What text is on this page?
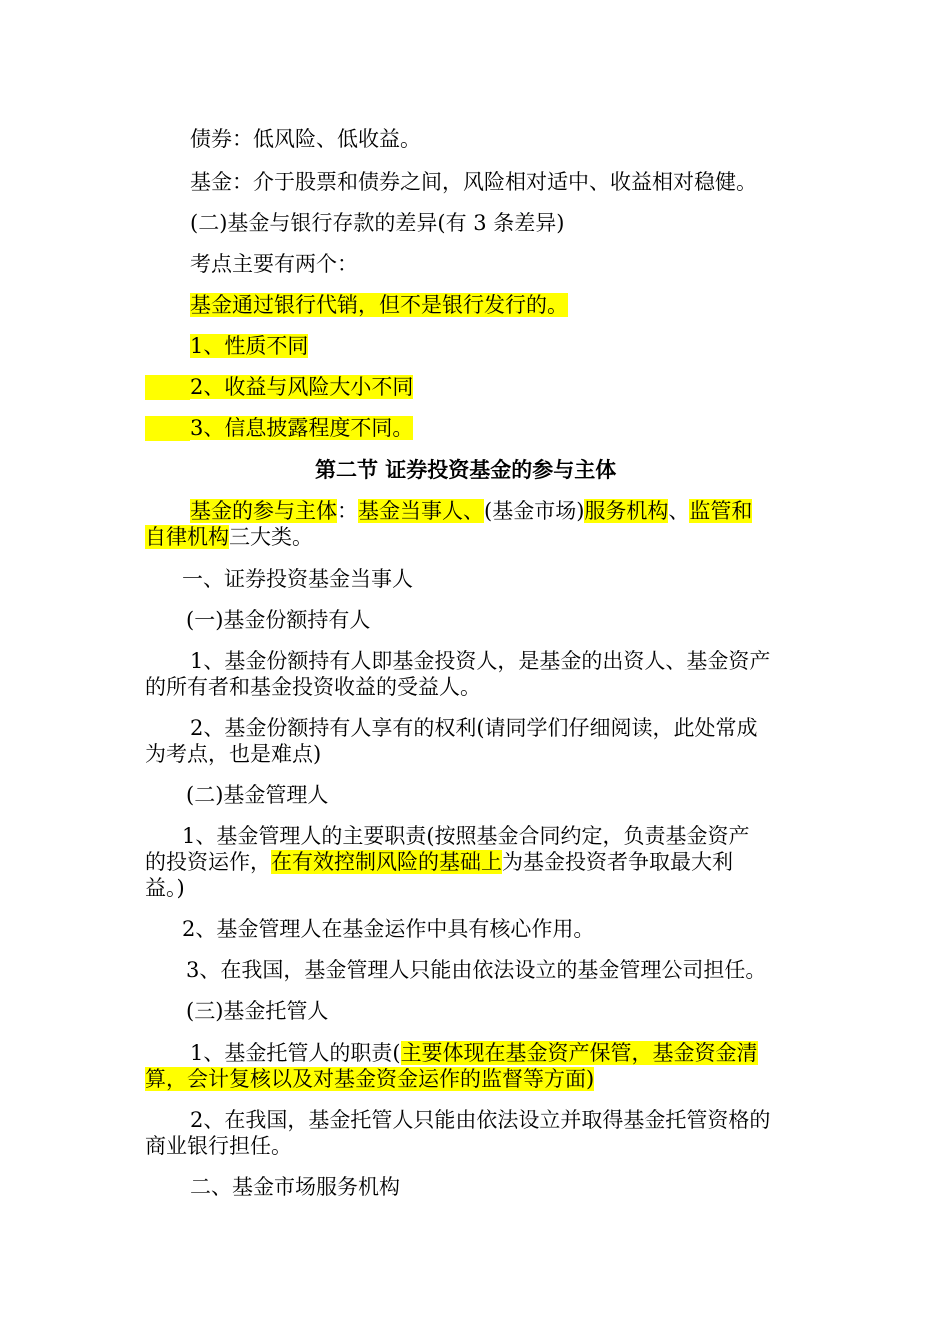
债券：低风险、低收益。
基金：介于股票和债券之间，风险相对适中、收益相对稳健。
(二)基金与银行存款的差异(有 3 条差异)
考点主要有两个：
基金通过银行代销，但不是银行发行的。
1、性质不同
2、收益与风险大小不同
3、信息披露程度不同。
第二节 证券投资基金的参与主体
基金的参与主体：基金当事人、(基金市场)服务机构、监管和
自律机构三大类。
一、证券投资基金当事人
(一)基金份额持有人
1、基金份额持有人即基金投资人，是基金的出资人、基金资产
的所有者和基金投资收益的受益人。
2、基金份额持有人享有的权利(请同学们仔细阅读，此处常成
为考点，也是难点)
(二)基金管理人
1、基金管理人的主要职责(按照基金合同约定，负责基金资产
的投资运作，在有效控制风险的基础上为基金投资者争取最大利
益。)
2、基金管理人在基金运作中具有核心作用。
3、在我国，基金管理人只能由依法设立的基金管理公司担任。
(三)基金托管人
1、基金托管人的职责(主要体现在基金资产保管，基金资金清
算，会计复核以及对基金资金运作的监督等方面)
2、在我国，基金托管人只能由依法设立并取得基金托管资格的
商业银行担任。
二、基金市场服务机构
